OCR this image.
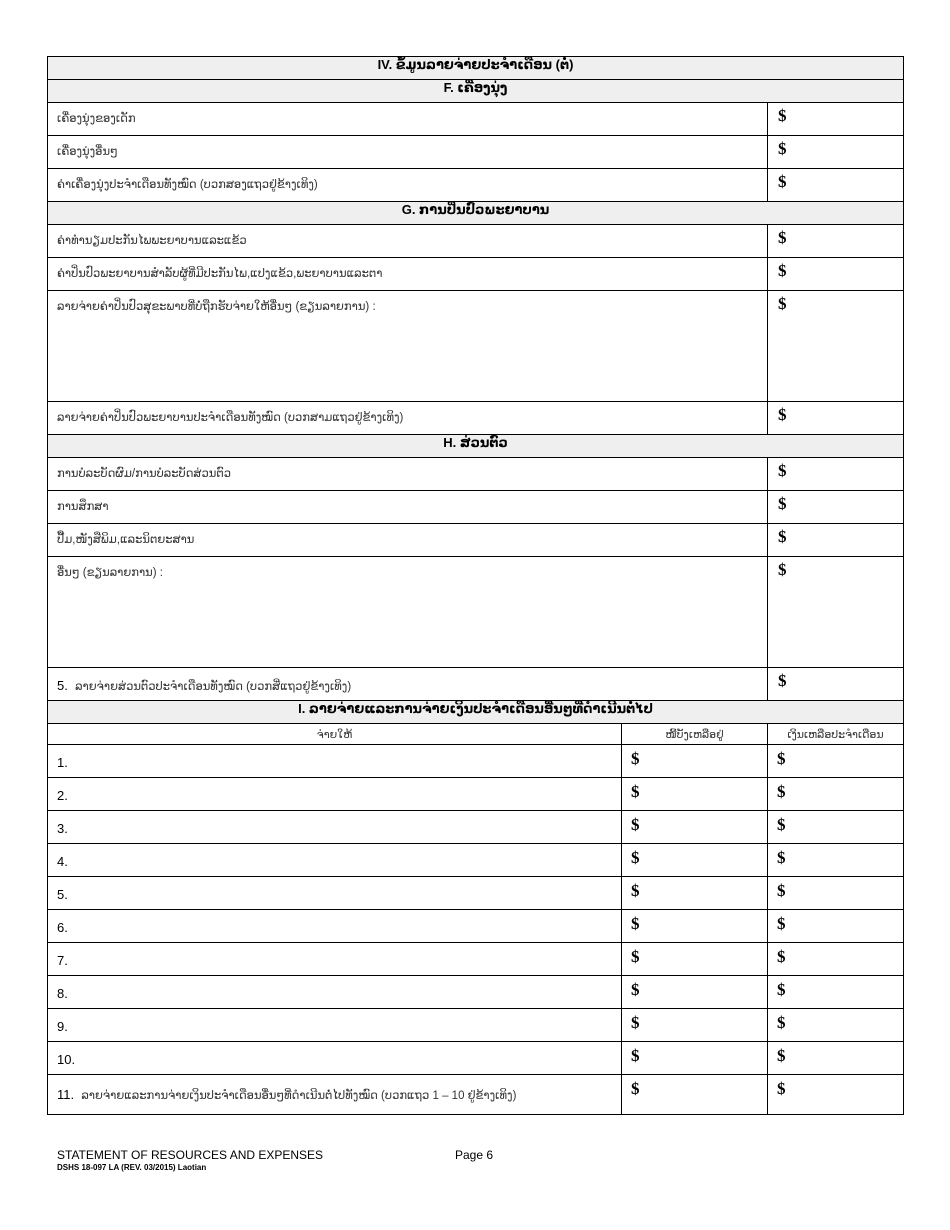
IV. ຂໍ້ມູນລາຍຈ່າຍປະຈຳເດືອນ (ຕໍ່)		
F. ເຄື່ອງນຸ່ງ		
ເຄື່ອງນຸ່ງຂອງເດັກ		$
ເຄື່ອງນຸ່ງອື່ນໆ		$
ຄ່າເຄື່ອງນຸ່ງປະຈຳເດືອນທັງໝົດ (ບວກສອງແຖວຢູ່ຂ້າງເທິງ)		$
G. ການປິ່ນປົວພະຍາບານ		
ຄ່າທຳນຽມປະກັນໄພພະຍາບານແລະແຂ້ວ		$
ຄ່າປິ່ນປົວພະຍາບານສຳລັບຜູ້ທີ່ມີປະກັນໄພ,ແປງແຂ້ວ,ພະຍາບານແລະຕາ		$
ລາຍຈ່າຍຄ່າປິ່ນປົວສຸຂະພາບທີ່ບໍ່ຖືກຮັບຈ່າຍໃຫ້ອື່ນໆ (ຂຽນລາຍການ) :		$
ລາຍຈ່າຍຄ່າປິ່ນປົວພະຍາບານປະຈຳເດືອນທັງໝົດ (ບວກສາມແຖວຢູ່ຂ້າງເທິງ)		$
H. ສ່ວນຕົວ		
ການບໍລະບັດຜົມ/ການບໍລະບັດສ່ວນຕົວ		$
ການສຶກສາ		$
ປື້ມ,ໜັງສືພິມ,ແລະນິຕຍະສານ		$
ອື່ນໆ (ຂຽນລາຍການ) :		$
5. ລາຍຈ່າຍສ່ວນຕົວປະຈຳເດືອນທັງໝົດ (ບວກສີ່ແຖວຢູ່ຂ້າງເທິງ)		$
I. ລາຍຈ່າຍແລະການຈ່າຍເງິນປະຈຳເດືອນອື່ນໆທີ່ດຳເນີນຕໍ່ໄປ		
ຈ່າຍໃຫ້	ໜີ້ບັງເຫລືອຢູ່	ເງິນເຫລືອປະຈຳເດືອນ
1.	$	$
2.	$	$
3.	$	$
4.	$	$
5.	$	$
6.	$	$
7.	$	$
8.	$	$
9.	$	$
10.	$	$
11. ລາຍຈ່າຍແລະການຈ່າຍເງິນປະຈຳເດືອນອື່ນໆທີ່ດຳເນີນຕໍ່ໄປທັງໝົດ (ບວກແຖວ 1 – 10 ຢູ່ຂ້າງເທິງ)	$	$
STATEMENT OF RESOURCES AND EXPENSES	Page 6
DSHS 18-097 LA (REV. 03/2015) Laotian
